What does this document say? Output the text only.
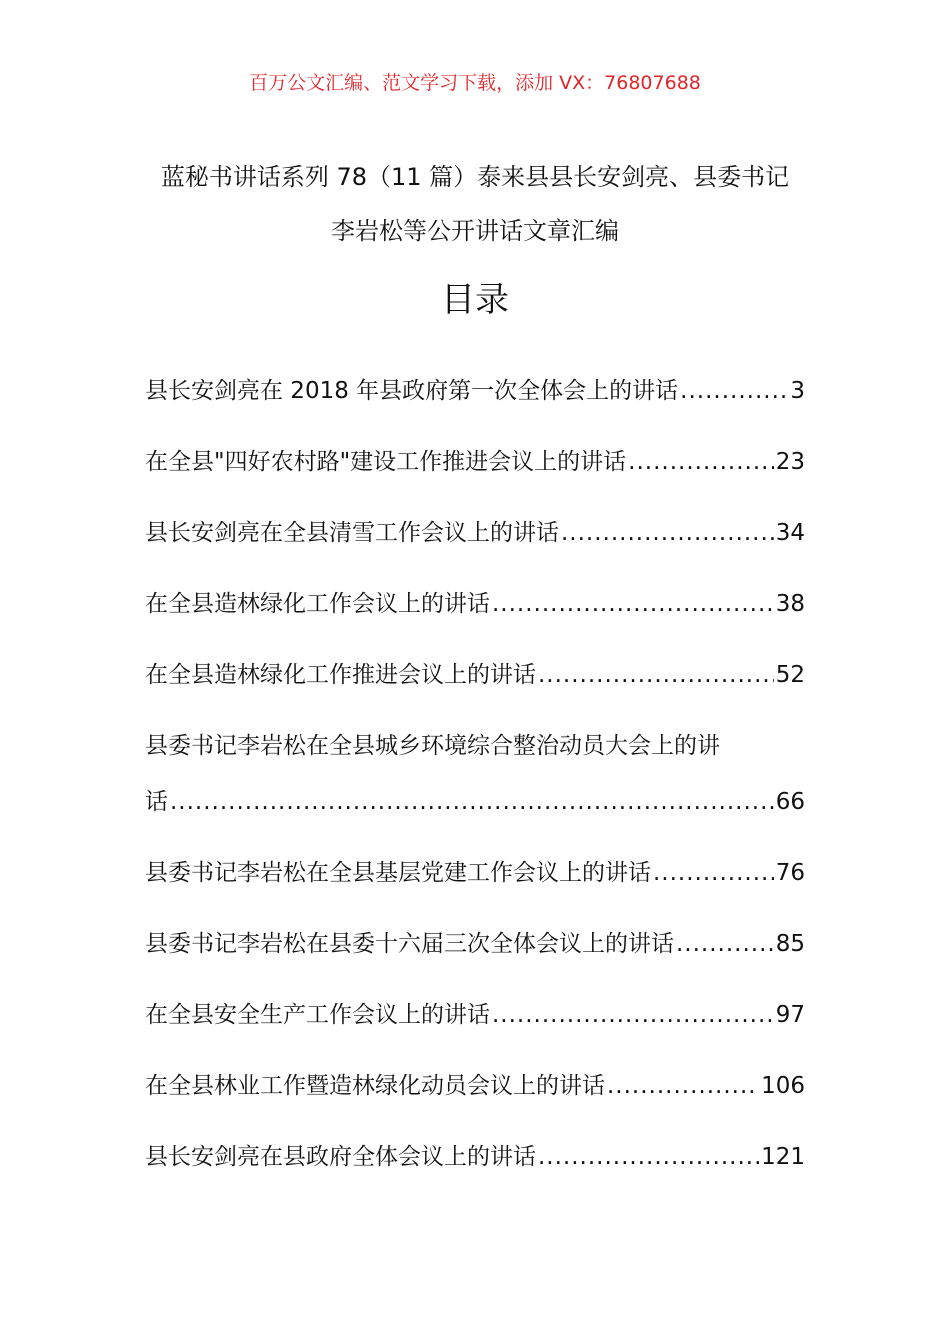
百万公文汇编、范文学习下载，添加 VX：76807688
蓝秘书讲话系列 78（11 篇）泰来县县长安剑亮、县委书记
李岩松等公开讲话文章汇编
目录
县长安剑亮在 2018 年县政府第一次全体会上的讲话 .....	3
在全县"四好农村路"建设工作推进会议上的讲话 .....	23
县长安剑亮在全县清雪工作会议上的讲话 .....	34
在全县造林绿化工作会议上的讲话 .....	38
在全县造林绿化工作推进会议上的讲话 .....	52
县委书记李岩松在全县城乡环境综合整治动员大会上的讲
话 .....	66
县委书记李岩松在全县基层党建工作会议上的讲话 .....	76
县委书记李岩松在县委十六届三次全体会议上的讲话 .....	85
在全县安全生产工作会议上的讲话 .....	97
在全县林业工作暨造林绿化动员会议上的讲话 .....	106
县长安剑亮在县政府全体会议上的讲话 .....	121
